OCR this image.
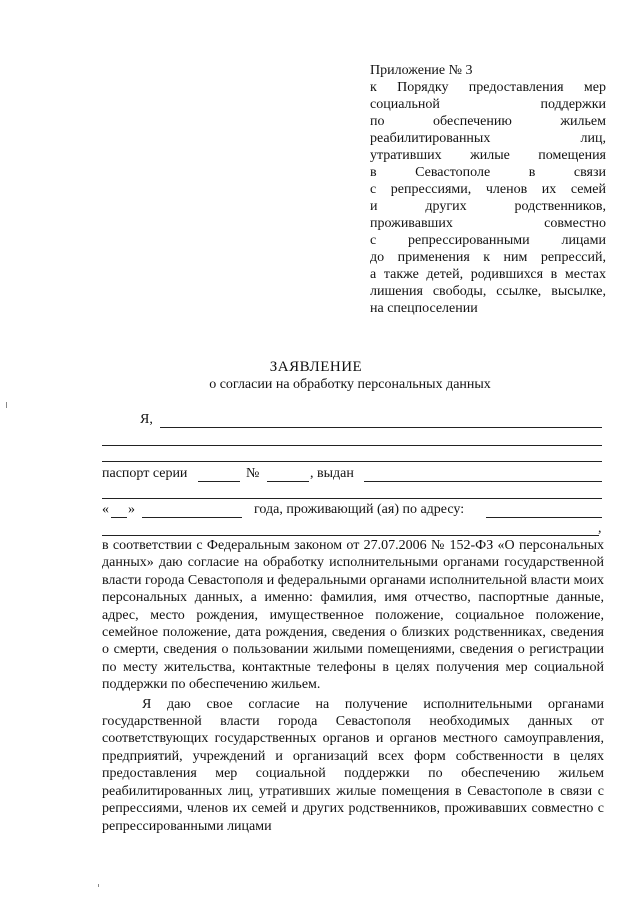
Приложение № 3
к Порядку предоставления мер
социальной поддержки
по обеспечению жильем
реабилитированных лиц,
утративших жилые помещения
в Севастополе в связи
с репрессиями, членов их семей
и других родственников,
проживавших совместно
с репрессированными лицами
до применения к ним репрессий,
а также детей, родившихся в местах
лишения свободы, ссылке, высылке,
на спецпоселении
ЗАЯВЛЕНИЕ
о согласии на обработку персональных данных
Я,
паспорт серии	№	, выдан
« »	года, проживающий (ая) по адресу:
,

в соответствии с Федеральным законом от 27.07.2006 № 152-ФЗ «О персональных данных» даю согласие на обработку исполнительными органами государственной власти города Севастополя и федеральными органами исполнительной власти моих персональных данных, а именно: фамилия, имя отчество, паспортные данные, адрес, место рождения, имущественное положение, социальное положение, семейное положение, дата рождения, сведения о близких родственниках, сведения о смерти, сведения о пользовании жилыми помещениями, сведения о регистрации по месту жительства, контактные телефоны в целях получения мер социальной поддержки по обеспечению жильем.

Я даю свое согласие на получение исполнительными органами государственной власти города Севастополя необходимых данных от соответствующих государственных органов и органов местного самоуправления, предприятий, учреждений и организаций всех форм собственности в целях предоставления мер социальной поддержки по обеспечению жильем реабилитированных лиц, утративших жилые помещения в Севастополе в связи с репрессиями, членов их семей и других родственников, проживавших совместно с репрессированными лицами
